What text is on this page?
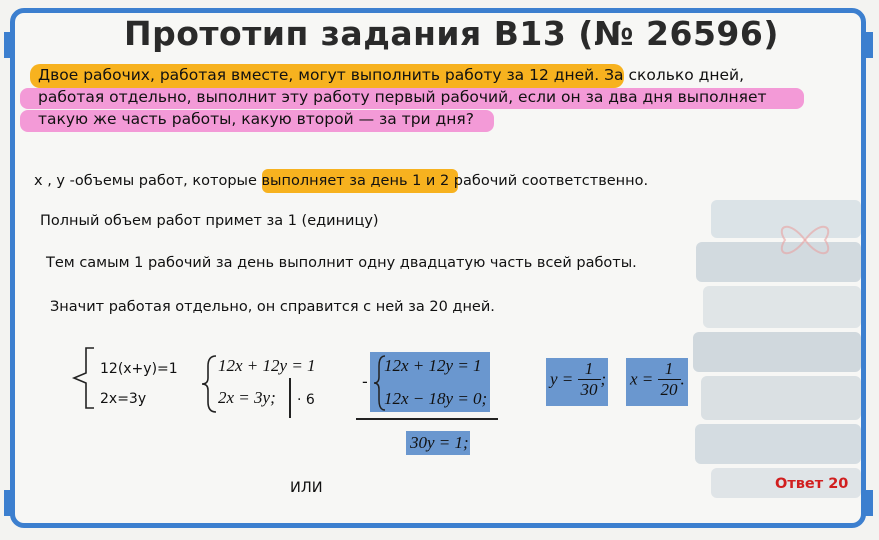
Прототип задания B13 (№ 26596)
Двое рабочих, работая вместе, могут выполнить работу за 12 дней. За сколько дней,
работая отдельно, выполнит эту работу первый рабочий, если он за два дня выполняет
такую же часть работы, какую второй — за три дня?
х , у -объемы работ, которые выполняет за день 1 и 2 рабочий соответственно.
Полный объем работ примет за 1 (единицу)
Тем самым 1 рабочий за день выполнит одну двадцатую часть всей работы.
Значит работая отдельно, он справится с ней за 20 дней.
12(x+y)=1
2x=3y
12x + 12y = 1
2x = 3y; · 6
-
12x + 12y = 1
12x − 18y = 0;
30y = 1;
$y = \frac{1}{30}$ ; $x = \frac{1}{20}$ .
ИЛИ	Ответ 20
